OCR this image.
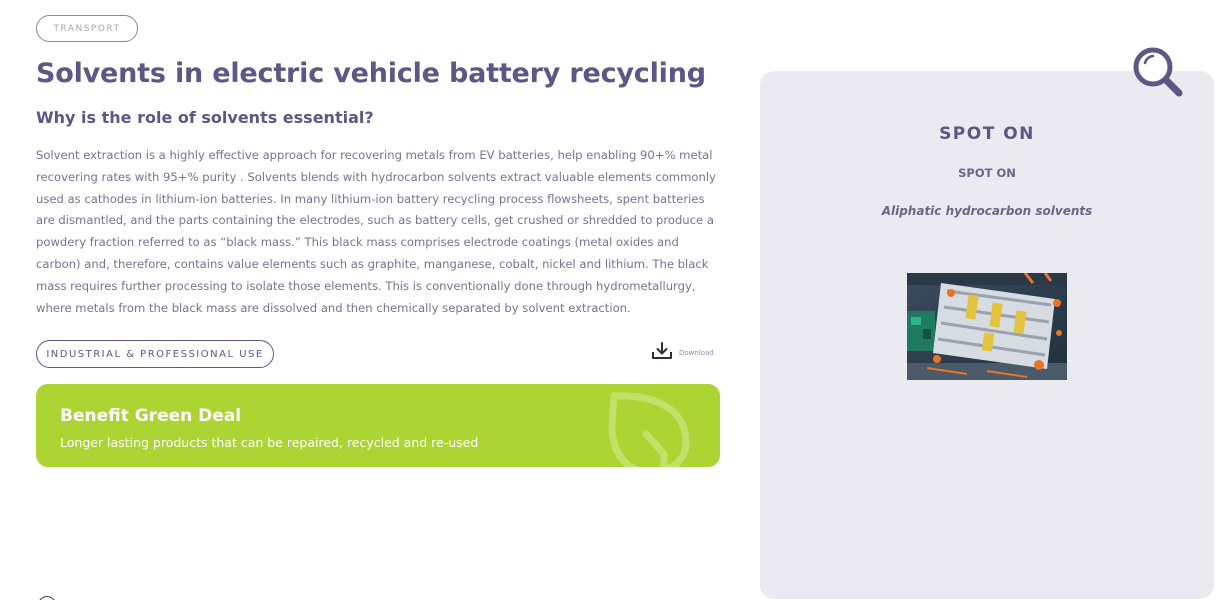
TRANSPORT
Solvents in electric vehicle battery recycling
Why is the role of solvents essential?

Solvent extraction is a highly effective approach for recovering metals from EV batteries, help enabling 90+% metal recovering rates with 95+% purity . Solvents blends with hydrocarbon solvents extract valuable elements commonly used as cathodes in lithium-ion batteries. In many lithium-ion battery recycling process flowsheets, spent batteries are dismantled, and the parts containing the electrodes, such as battery cells, get crushed or shredded to produce a powdery fraction referred to as “black mass.” This black mass comprises electrode coatings (metal oxides and carbon) and, therefore, contains value elements such as graphite, manganese, cobalt, nickel and lithium. The black mass requires further processing to isolate those elements. This is conventionally done through hydrometallurgy, where metals from the black mass are dissolved and then chemically separated by solvent extraction.

INDUSTRIAL & PROFESSIONAL USE	Download
Benefit Green Deal
Longer lasting products that can be repaired, recycled and re-used
SPOT ON
SPOT ON
Aliphatic hydrocarbon solvents
